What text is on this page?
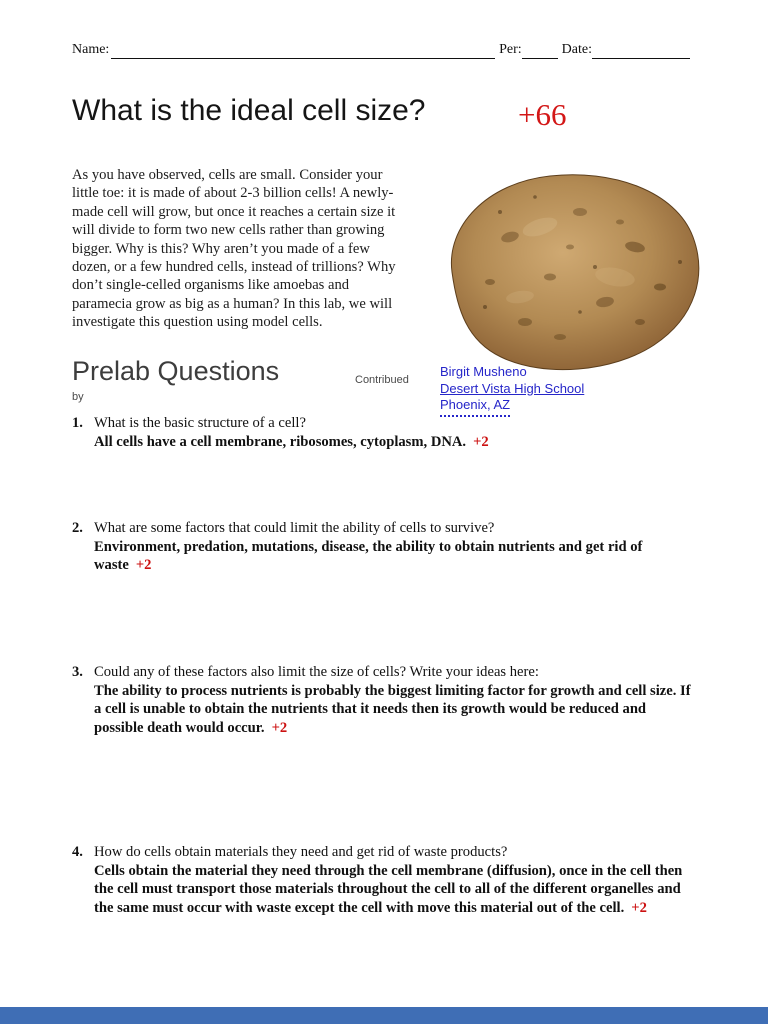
Name:	Per:	Date:
What is the ideal cell size?	+66
As you have observed, cells are small. Consider your little toe: it is made of about 2-3 billion cells! A newly-made cell will grow, but once it reaches a certain size it will divide to form two new cells rather than growing bigger. Why is this? Why aren’t you made of a few dozen, or a few hundred cells, instead of trillions? Why don’t single-celled organisms like amoebas and paramecia grow as big as a human? In this lab, we will investigate this question using model cells.
Prelab Questions	Contribued
by
Birgit Musheno
Desert Vista High School
Phoenix, AZ
1. What is the basic structure of a cell?
All cells have a cell membrane, ribosomes, cytoplasm, DNA. +2
2. What are some factors that could limit the ability of cells to survive?
Environment, predation, mutations, disease, the ability to obtain nutrients and get rid of waste +2
3. Could any of these factors also limit the size of cells? Write your ideas here:
The ability to process nutrients is probably the biggest limiting factor for growth and cell size. If a cell is unable to obtain the nutrients that it needs then its growth would be reduced and possible death would occur. +2
4. How do cells obtain materials they need and get rid of waste products?
Cells obtain the material they need through the cell membrane (diffusion), once in the cell then the cell must transport those materials throughout the cell to all of the different organelles and the same must occur with waste except the cell with move this material out of the cell. +2
